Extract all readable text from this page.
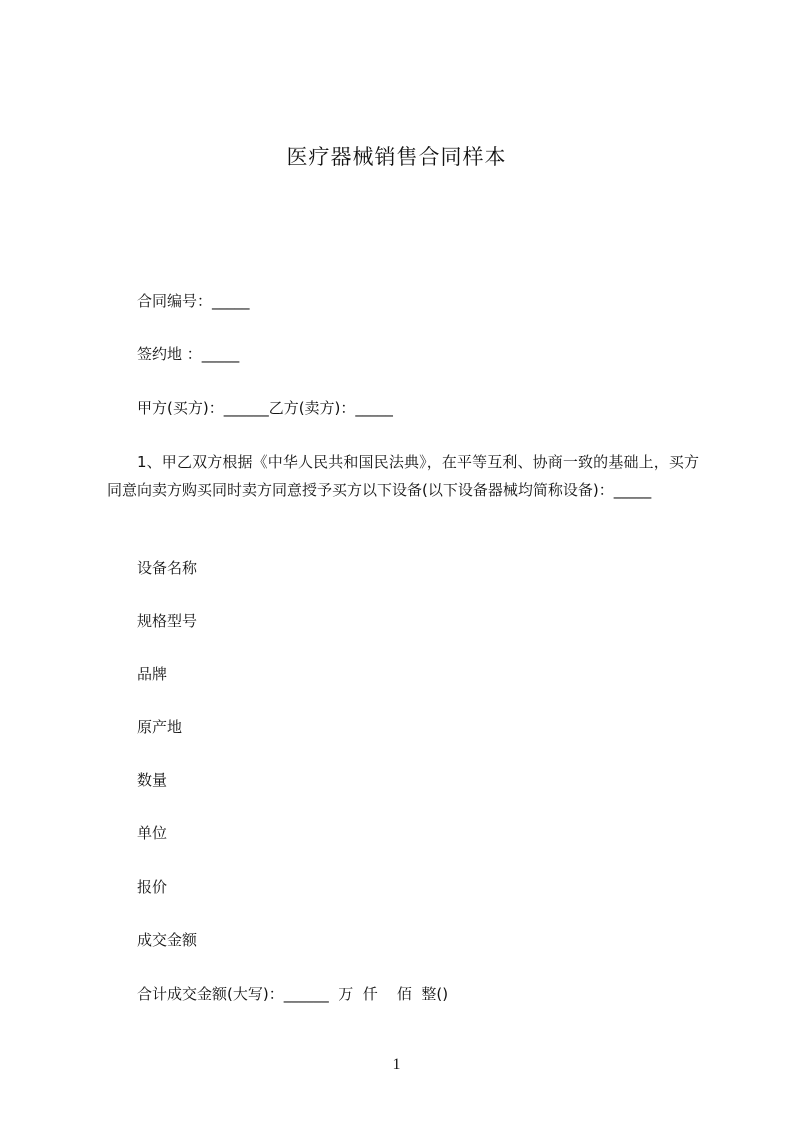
医疗器械销售合同样本
合同编号：_____
签约地 ：_____
甲方(买方)：______乙方(卖方)：_____
1、甲乙双方根据《中华人民共和国民法典》，在平等互利、协商一致的基础上，买方同意向卖方购买同时卖方同意授予买方以下设备(以下设备器械均简称设备)：_____
设备名称
规格型号
品牌
原产地
数量
单位
报价
成交金额
合计成交金额(大写)：______  万  仟    佰  整()
1
